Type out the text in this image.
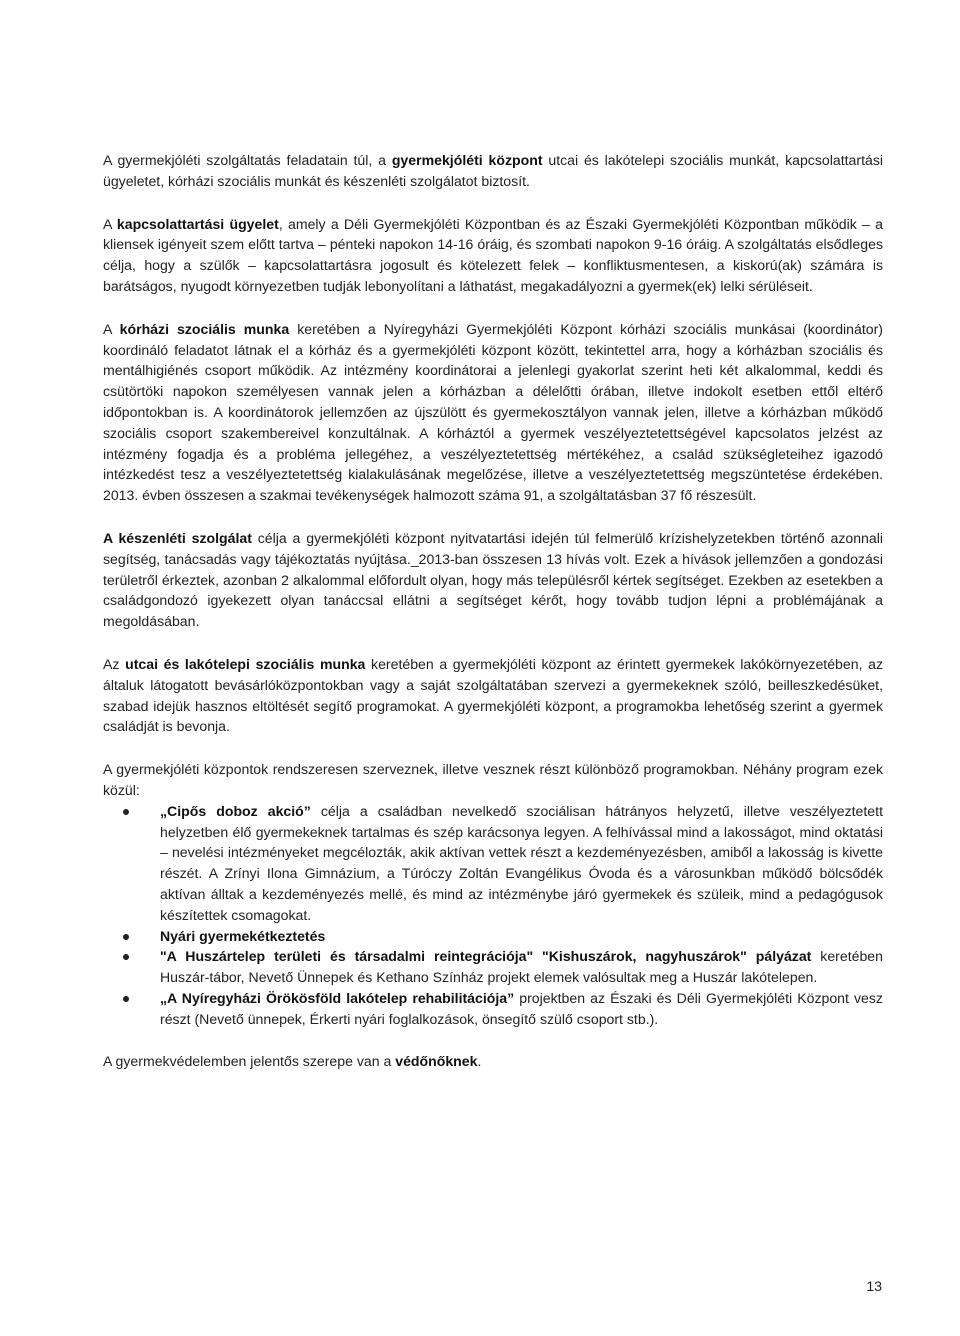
A gyermekjóléti szolgáltatás feladatain túl, a gyermekjóléti központ utcai és lakótelepi szociális munkát, kapcsolattartási ügyeletet, kórházi szociális munkát és készenléti szolgálatot biztosít.

A kapcsolattartási ügyelet, amely a Déli Gyermekjóléti Központban és az Északi Gyermekjóléti Központban működik – a kliensek igényeit szem előtt tartva – pénteki napokon 14-16 óráig, és szombati napokon 9-16 óráig. A szolgáltatás elsődleges célja, hogy a szülők – kapcsolattartásra jogosult és kötelezett felek – konfliktusmentesen, a kiskorú(ak) számára is barátságos, nyugodt környezetben tudják lebonyolítani a láthatást, megakadályozni a gyermek(ek) lelki sérüléseit.

A kórházi szociális munka keretében a Nyíregyházi Gyermekjóléti Központ kórházi szociális munkásai (koordinátor) koordináló feladatot látnak el a kórház és a gyermekjóléti központ között, tekintettel arra, hogy a kórházban szociális és mentálhigiénés csoport működik. Az intézmény koordinátorai a jelenlegi gyakorlat szerint heti két alkalommal, keddi és csütörtöki napokon személyesen vannak jelen a kórházban a délelőtti órában, illetve indokolt esetben ettől eltérő időpontokban is. A koordinátorok jellemzően az újszülött és gyermekosztályon vannak jelen, illetve a kórházban működő szociális csoport szakembereivel konzultálnak. A kórháztól a gyermek veszélyeztetettségével kapcsolatos jelzést az intézmény fogadja és a probléma jellegéhez, a veszélyeztetettség mértékéhez, a család szükségleteihez igazodó intézkedést tesz a veszélyeztetettség kialakulásának megelőzése, illetve a veszélyeztetettség megszüntetése érdekében. 2013. évben összesen a szakmai tevékenységek halmozott száma 91, a szolgáltatásban 37 fő részesült.

A készenléti szolgálat célja a gyermekjóléti központ nyitvatartási idején túl felmerülő krízishelyzetekben történő azonnali segítség, tanácsadás vagy tájékoztatás nyújtása._2013-ban összesen 13 hívás volt. Ezek a hívások jellemzően a gondozási területről érkeztek, azonban 2 alkalommal előfordult olyan, hogy más településről kértek segítséget. Ezekben az esetekben a családgondozó igyekezett olyan tanáccsal ellátni a segítséget kérőt, hogy tovább tudjon lépni a problémájának a megoldásában.

Az utcai és lakótelepi szociális munka keretében a gyermekjóléti központ az érintett gyermekek lakókörnyezetében, az általuk látogatott bevásárlóközpontokban vagy a saját szolgáltatában szervezi a gyermekeknek szóló, beilleszkedésüket, szabad idejük hasznos eltöltését segítő programokat. A gyermekjóléti központ, a programokba lehetőség szerint a gyermek családját is bevonja.

A gyermekjóléti központok rendszeresen szerveznek, illetve vesznek részt különböző programokban. Néhány program ezek közül:

„Cipős doboz akció” célja a családban nevelkedő szociálisan hátrányos helyzetű, illetve veszélyeztetett helyzetben élő gyermekeknek tartalmas és szép karácsonya legyen. A felhívással mind a lakosságot, mind oktatási – nevelési intézményeket megcélozták, akik aktívan vettek részt a kezdeményezésben, amiből a lakosság is kivette részét. A Zrínyi Ilona Gimnázium, a Túróczy Zoltán Evangélikus Óvoda és a városunkban működő bölcsődék aktívan álltak a kezdeményezés mellé, és mind az intézménybe járó gyermekek és szüleik, mind a pedagógusok készítettek csomagokat.
Nyári gyermekétkeztetés
"A Huszártelep területi és társadalmi reintegrációja" "Kishuszárok, nagyhuszárok" pályázat keretében Huszár-tábor, Nevető Ünnepek és Kethano Színház projekt elemek valósultak meg a Huszár lakótelepen.
„A Nyíregyházi Örökösföld lakótelep rehabilitációja” projektben az Északi és Déli Gyermekjóléti Központ vesz részt (Nevető ünnepek, Érkerti nyári foglalkozások, önsegítő szülő csoport stb.).

A gyermekvédelemben jelentős szerepe van a védőnőknek.

13
